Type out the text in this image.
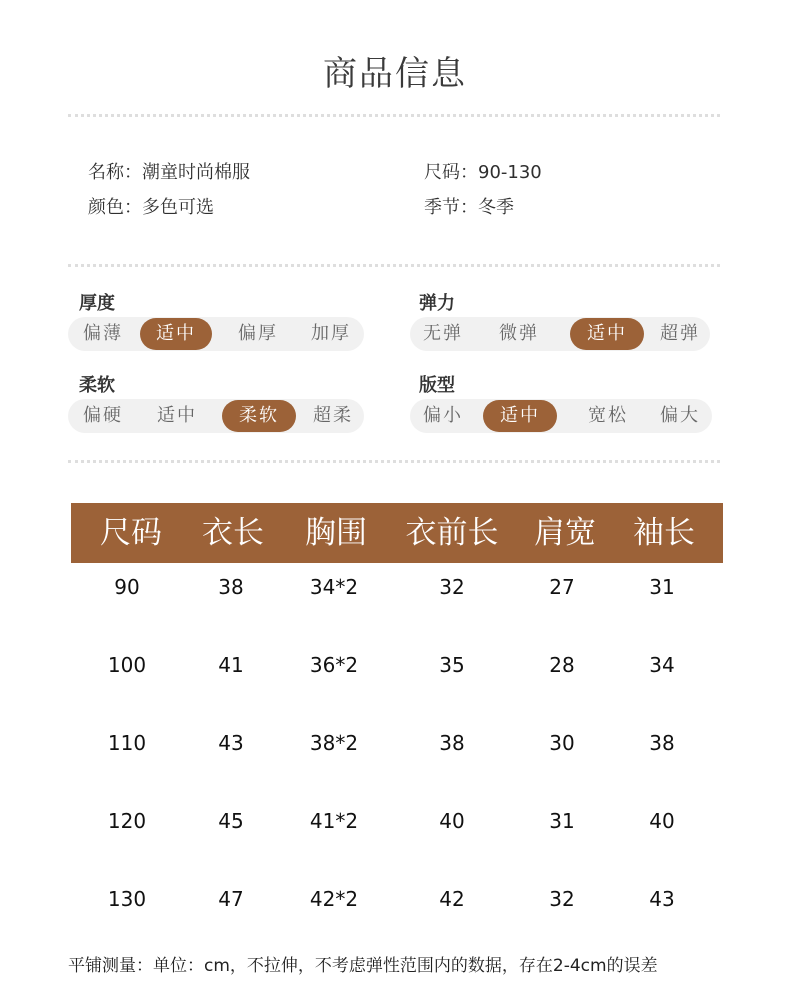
商品信息
名称：潮童时尚棉服	尺码：90-130
颜色：多色可选	季节：冬季
厚度
偏薄	适中	偏厚	加厚
弹力
无弹	微弹	适中	超弹
柔软
偏硬	适中	柔软	超柔
版型
偏小	适中	宽松	偏大
尺码 衣长 胸围 衣前长 肩宽 袖长
90	38	34*2	32	27	31
100	41	36*2	35	28	34
110	43	38*2	38	30	38
120	45	41*2	40	31	40
130	47	42*2	42	32	43
平铺测量：单位：cm，不拉伸，不考虑弹性范围内的数据，存在2-4cm的误差
